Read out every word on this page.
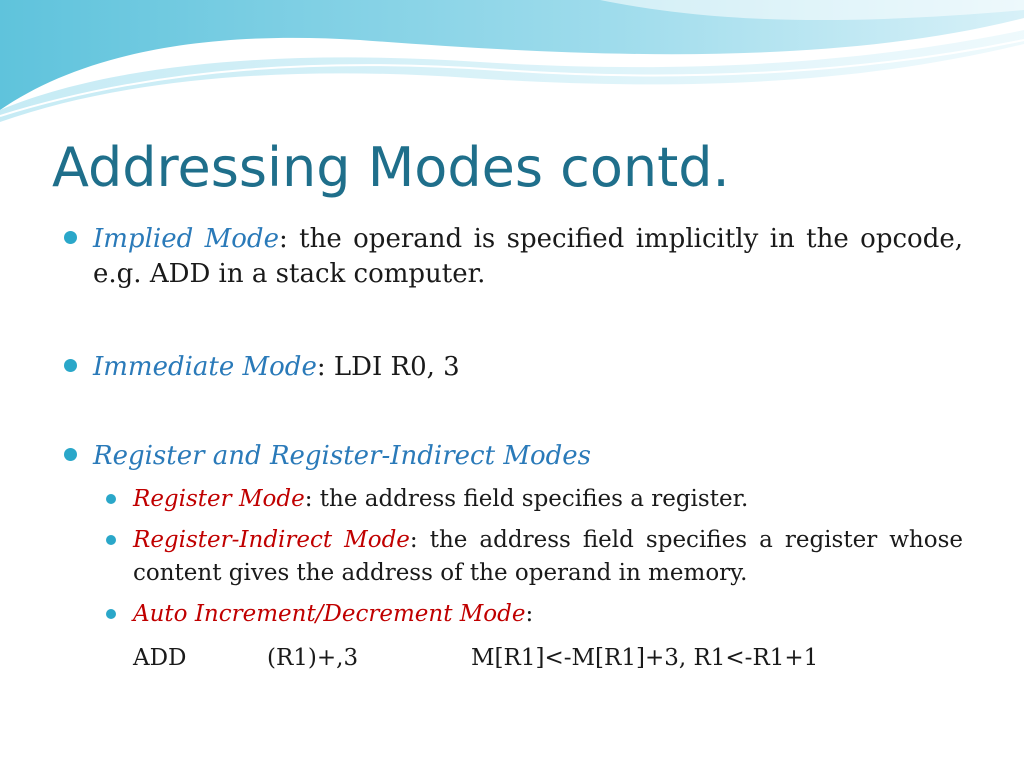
Addressing Modes contd.
Implied Mode: the operand is specified implicitly in the opcode, e.g. ADD in a stack computer.
Immediate Mode: LDI R0, 3
Register and Register-Indirect Modes
Register Mode: the address field specifies a register.
Register-Indirect Mode: the address field specifies a register whose content gives the address of the operand in memory.
Auto Increment/Decrement Mode:
ADD	(R1)+,3	M[R1]<-M[R1]+3, R1<-R1+1
